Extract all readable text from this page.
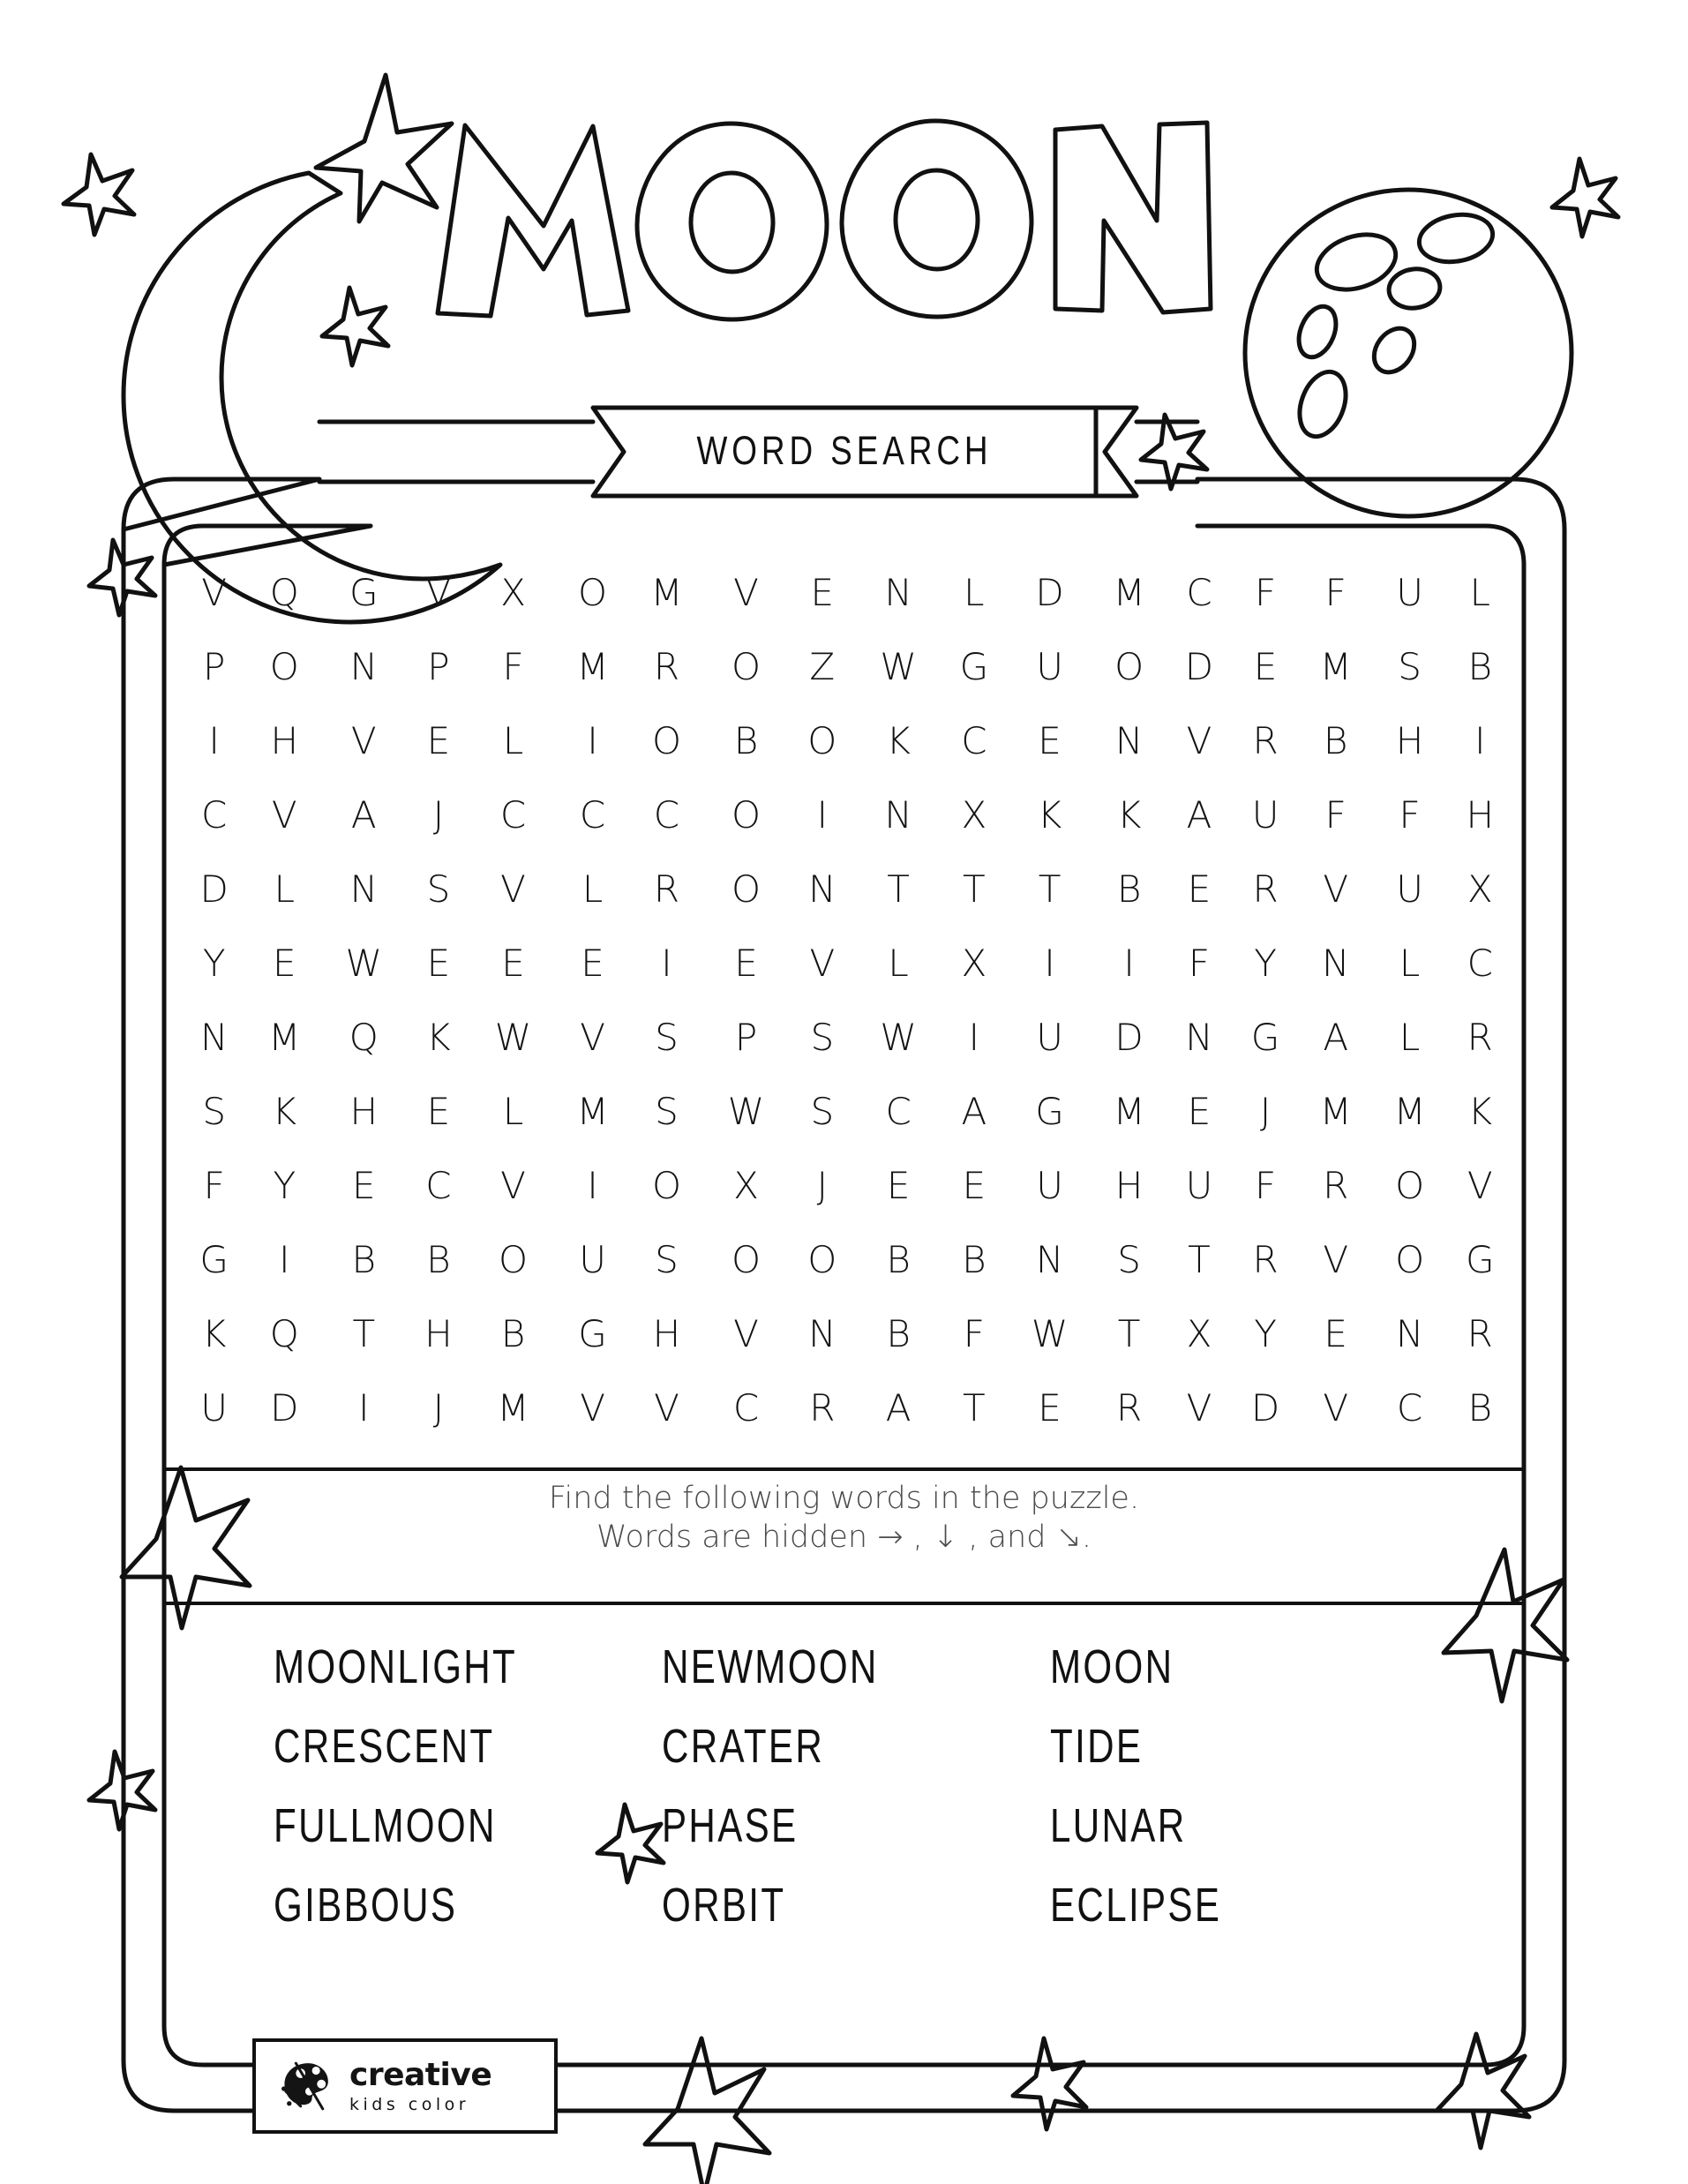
WORD SEARCH
V	Q	G	V	X	O	M	V	E	N	L	D	M	C	F	F	U	L
P	O	N	P	F	M	R	O	Z	W	G	U	O	D	E	M	S	B
I	H	V	E	L	I	O	B	O	K	C	E	N	V	R	B	H	I
C	V	A	J	C	C	C	O	I	N	X	K	K	A	U	F	F	H
D	L	N	S	V	L	R	O	N	T	T	T	B	E	R	V	U	X
Y	E	W	E	E	E	I	E	V	L	X	I	I	F	Y	N	L	C
N	M	Q	K	W	V	S	P	S	W	I	U	D	N	G	A	L	R
S	K	H	E	L	M	S	W	S	C	A	G	M	E	J	M	M	K
F	Y	E	C	V	I	O	X	J	E	E	U	H	U	F	R	O	V
G	I	B	B	O	U	S	O	O	B	B	N	S	T	R	V	O	G
K	Q	T	H	B	G	H	V	N	B	F	W	T	X	Y	E	N	R
U	D	I	J	M	V	V	C	R	A	T	E	R	V	D	V	C	B
Find the following words in the puzzle.
Words are hidden → , ↓ , and ↘.
MOONLIGHT	NEWMOON	MOON
CRESCENT	CRATER	TIDE
FULLMOON	PHASE	LUNAR
GIBBOUS	ORBIT	ECLIPSE
creative
kids color
